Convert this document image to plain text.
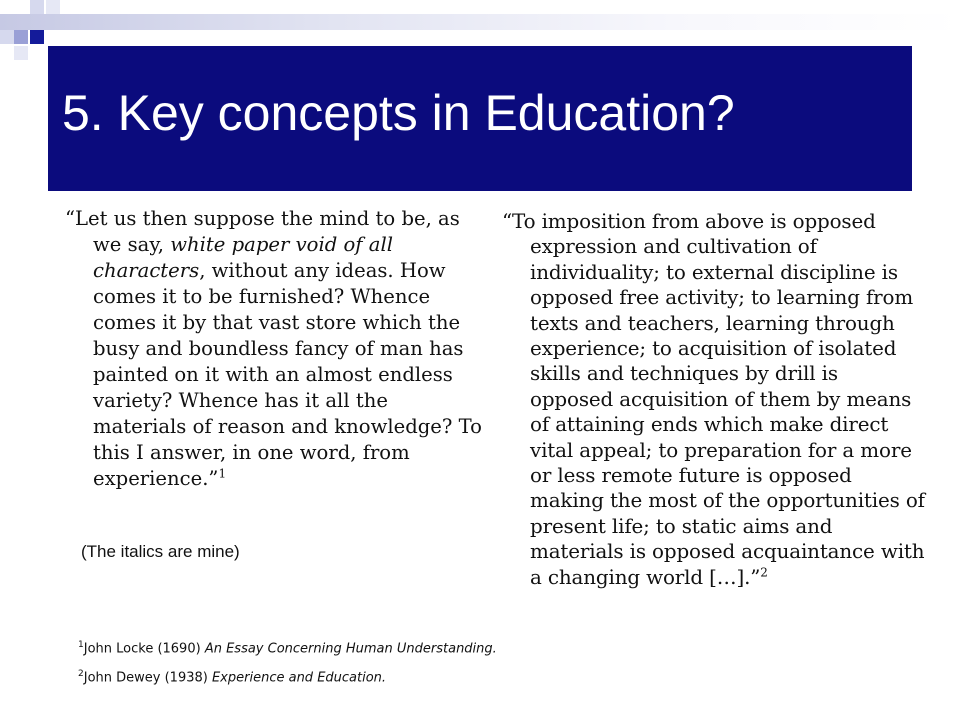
5. Key concepts in Education?

“Let us then suppose the mind to be, as we say, white paper void of all characters, without any ideas. How comes it to be furnished? Whence comes it by that vast store which the busy and boundless fancy of man has painted on it with an almost endless variety? Whence has it all the materials of reason and knowledge? To this I answer, in one word, from experience.”$^1$

(The italics are mine)

“To imposition from above is opposed expression and cultivation of individuality; to external discipline is opposed free activity; to learning from texts and teachers, learning through experience; to acquisition of isolated skills and techniques by drill is opposed acquisition of them by means of attaining ends which make direct vital appeal; to preparation for a more or less remote future is opposed making the most of the opportunities of present life; to static aims and materials is opposed acquaintance with a changing world […].”$^2$

$^1$John Locke (1690) An Essay Concerning Human Understanding.

$^2$John Dewey (1938) Experience and Education.
